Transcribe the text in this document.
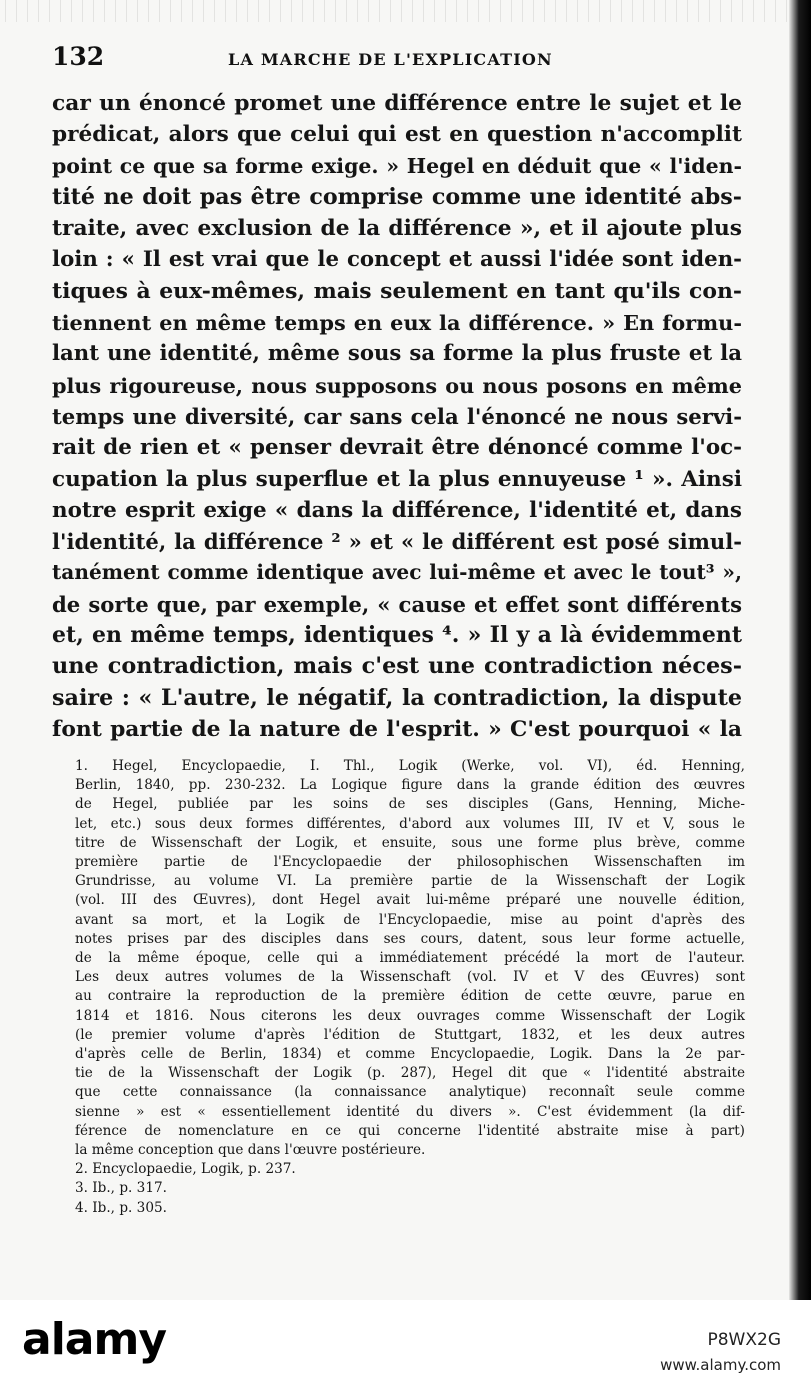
132	LA MARCHE DE L'EXPLICATION
car un énoncé promet une différence entre le sujet et le
prédicat, alors que celui qui est en question n'accomplit
point ce que sa forme exige. » Hegel en déduit que « l'iden-
tité ne doit pas être comprise comme une identité abs-
traite, avec exclusion de la différence », et il ajoute plus
loin : « Il est vrai que le concept et aussi l'idée sont iden-
tiques à eux-mêmes, mais seulement en tant qu'ils con-
tiennent en même temps en eux la différence. » En formu-
lant une identité, même sous sa forme la plus fruste et la
plus rigoureuse, nous supposons ou nous posons en même
temps une diversité, car sans cela l'énoncé ne nous servi-
rait de rien et « penser devrait être dénoncé comme l'oc-
cupation la plus superflue et la plus ennuyeuse ¹ ». Ainsi
notre esprit exige « dans la différence, l'identité et, dans
l'identité, la différence ² » et « le différent est posé simul-
tanément comme identique avec lui-même et avec le tout³ »,
de sorte que, par exemple, « cause et effet sont différents
et, en même temps, identiques ⁴. » Il y a là évidemment
une contradiction, mais c'est une contradiction néces-
saire : « L'autre, le négatif, la contradiction, la dispute
font partie de la nature de l'esprit. » C'est pourquoi « la
1. Hegel, Encyclopaedie, I. Thl., Logik (Werke, vol. VI), éd. Henning,
Berlin, 1840, pp. 230-232. La Logique figure dans la grande édition des œuvres
de Hegel, publiée par les soins de ses disciples (Gans, Henning, Miche-
let, etc.) sous deux formes différentes, d'abord aux volumes III, IV et V, sous le
titre de Wissenschaft der Logik, et ensuite, sous une forme plus brève, comme
première partie de l'Encyclopaedie der philosophischen Wissenschaften im
Grundrisse, au volume VI. La première partie de la Wissenschaft der Logik
(vol. III des Œuvres), dont Hegel avait lui-même préparé une nouvelle édition,
avant sa mort, et la Logik de l'Encyclopaedie, mise au point d'après des
notes prises par des disciples dans ses cours, datent, sous leur forme actuelle,
de la même époque, celle qui a immédiatement précédé la mort de l'auteur.
Les deux autres volumes de la Wissenschaft (vol. IV et V des Œuvres) sont
au contraire la reproduction de la première édition de cette œuvre, parue en
1814 et 1816. Nous citerons les deux ouvrages comme Wissenschaft der Logik
(le premier volume d'après l'édition de Stuttgart, 1832, et les deux autres
d'après celle de Berlin, 1834) et comme Encyclopaedie, Logik. Dans la 2e par-
tie de la Wissenschaft der Logik (p. 287), Hegel dit que « l'identité abstraite
que cette connaissance (la connaissance analytique) reconnaît seule comme
sienne » est « essentiellement identité du divers ». C'est évidemment (la dif-
férence de nomenclature en ce qui concerne l'identité abstraite mise à part)
la même conception que dans l'œuvre postérieure.
2. Encyclopaedie, Logik, p. 237.
3. Ib., p. 317.
4. Ib., p. 305.
alamy	P8WX2G
www.alamy.com
